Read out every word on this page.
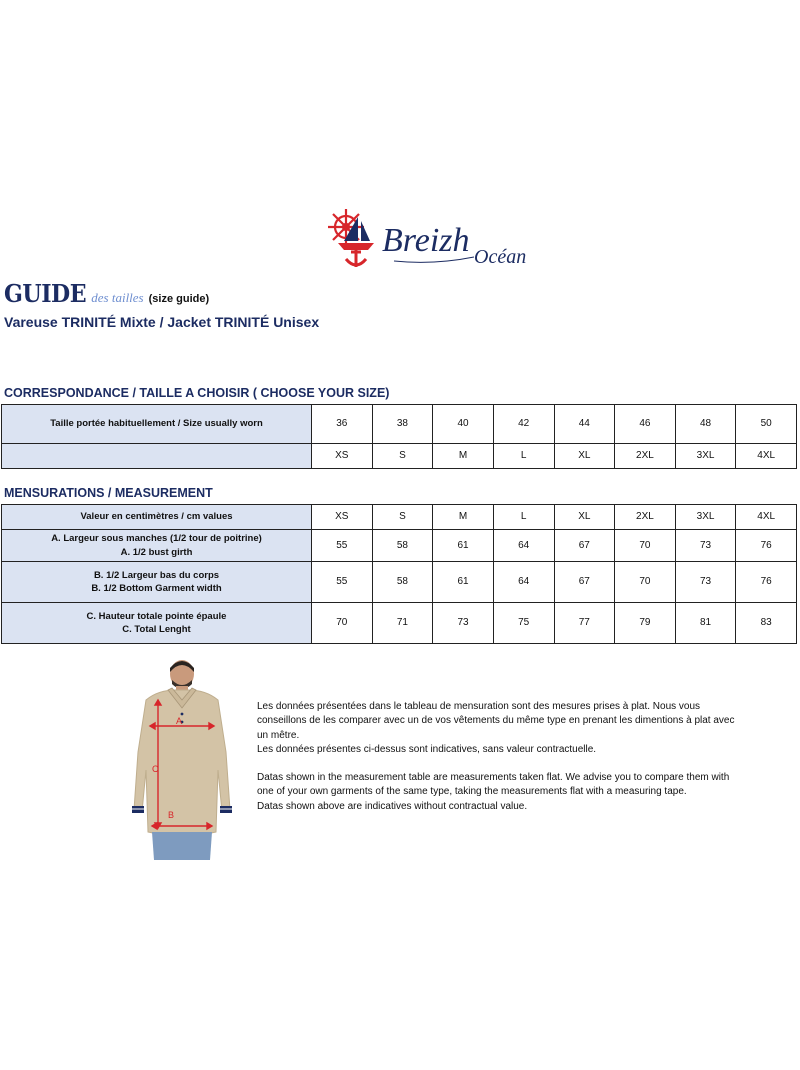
Breizh Océan
GUIDE des tailles (size guide)
Vareuse TRINITÉ Mixte / Jacket TRINITÉ Unisex
CORRESPONDANCE / TAILLE A CHOISIR ( CHOOSE YOUR SIZE)
Taille portée habituellement / Size usually worn	36	38	40	42	44	46	48	50
	XS	S	M	L	XL	2XL	3XL	4XL
MENSURATIONS / MEASUREMENT
Valeur en centimètres / cm values	XS	S	M	L	XL	2XL	3XL	4XL

A. Largeur sous manches (1/2 tour de poitrine)
A. 1/2 bust girth	55	58	61	64	67	70	73	76

B. 1/2 Largeur bas du corps
B. 1/2 Bottom Garment width	55	58	61	64	67	70	73	76

C. Hauteur totale pointe épaule
C. Total Lenght	70	71	73	75	77	79	81	83
A
B
C

Les données présentées dans le tableau de mensuration sont des mesures prises à plat. Nous vous conseillons de les comparer avec un de vos vêtements du même type en prenant les dimentions à plat avec un mêtre.

Les données présentes ci-dessus sont indicatives, sans valeur contractuelle.

Datas shown in the measurement table are measurements taken flat. We advise you to compare them with one of your own garments of the same type, taking the measurements flat with a measuring tape.

Datas shown above are indicatives without contractual value.
